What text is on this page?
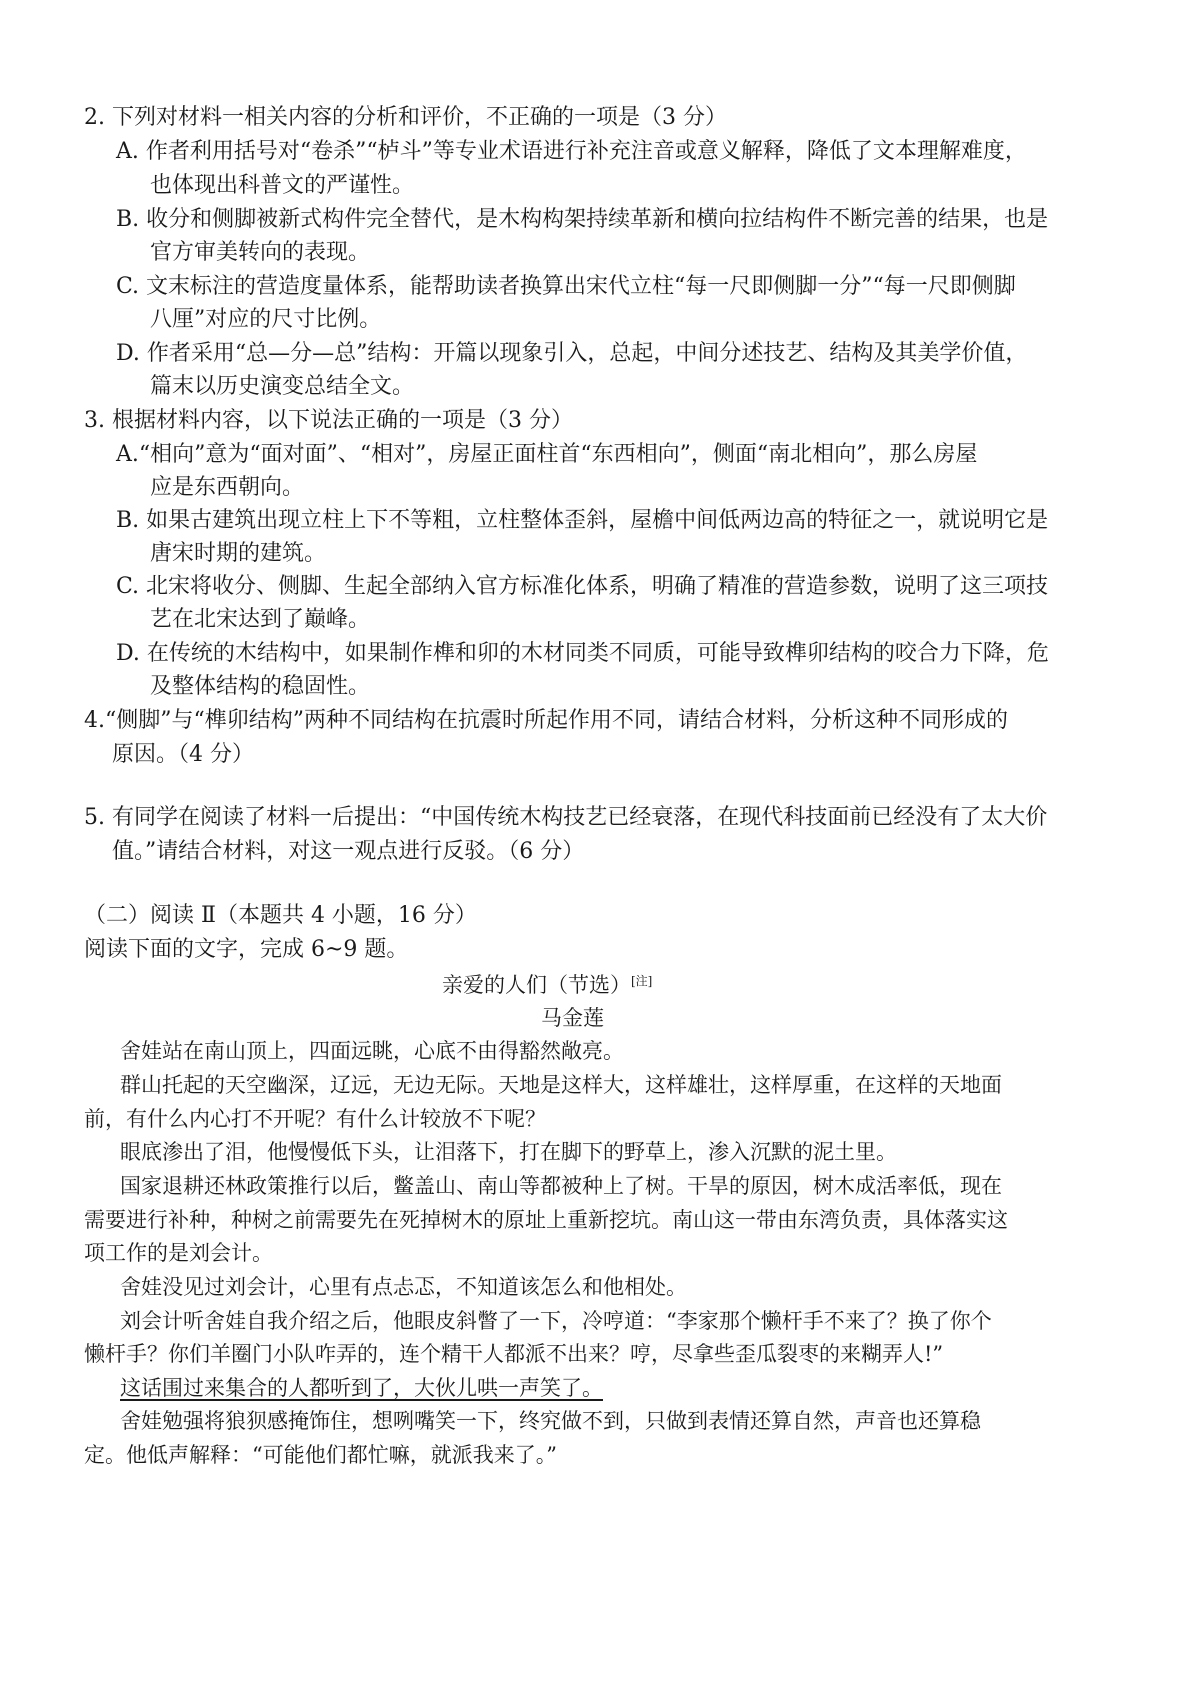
2. 下列对材料一相关内容的分析和评价，不正确的一项是（3 分）
A. 作者利用括号对“卷杀”“栌斗”等专业术语进行补充注音或意义解释，降低了文本理解难度，
也体现出科普文的严谨性。
B. 收分和侧脚被新式构件完全替代，是木构构架持续革新和横向拉结构件不断完善的结果，也是
官方审美转向的表现。
C. 文末标注的营造度量体系，能帮助读者换算出宋代立柱“每一尺即侧脚一分”“每一尺即侧脚
八厘”对应的尺寸比例。
D. 作者采用“总—分—总”结构：开篇以现象引入，总起，中间分述技艺、结构及其美学价值，
篇末以历史演变总结全文。
3. 根据材料内容，以下说法正确的一项是（3 分）
A.“相向”意为“面对面”、“相对”，房屋正面柱首“东西相向”，侧面“南北相向”，那么房屋
应是东西朝向。
B. 如果古建筑出现立柱上下不等粗，立柱整体歪斜，屋檐中间低两边高的特征之一，就说明它是
唐宋时期的建筑。
C. 北宋将收分、侧脚、生起全部纳入官方标准化体系，明确了精准的营造参数，说明了这三项技
艺在北宋达到了巅峰。
D. 在传统的木结构中，如果制作榫和卯的木材同类不同质，可能导致榫卯结构的咬合力下降，危
及整体结构的稳固性。
4.“侧脚”与“榫卯结构”两种不同结构在抗震时所起作用不同，请结合材料，分析这种不同形成的
原因。（4 分）
5. 有同学在阅读了材料一后提出：“中国传统木构技艺已经衰落，在现代科技面前已经没有了太大价
值。”请结合材料，对这一观点进行反驳。（6 分）
（二）阅读 Ⅱ（本题共 4 小题，16 分）
阅读下面的文字，完成 6~9 题。
亲爱的人们（节选）[注]
马金莲
舍娃站在南山顶上，四面远眺，心底不由得豁然敞亮。
群山托起的天空幽深，辽远，无边无际。天地是这样大，这样雄壮，这样厚重，在这样的天地面
前，有什么内心打不开呢？有什么计较放不下呢？
眼底渗出了泪，他慢慢低下头，让泪落下，打在脚下的野草上，渗入沉默的泥土里。
国家退耕还林政策推行以后，鳖盖山、南山等都被种上了树。干旱的原因，树木成活率低，现在
需要进行补种，种树之前需要先在死掉树木的原址上重新挖坑。南山这一带由东湾负责，具体落实这
项工作的是刘会计。
舍娃没见过刘会计，心里有点忐忑，不知道该怎么和他相处。
刘会计听舍娃自我介绍之后，他眼皮斜瞥了一下，冷哼道：“李家那个懒杆手不来了？换了你个
懒杆手？你们羊圈门小队咋弄的，连个精干人都派不出来？哼，尽拿些歪瓜裂枣的来糊弄人!”
这话围过来集合的人都听到了，大伙儿哄一声笑了。
舍娃勉强将狼狈感掩饰住，想咧嘴笑一下，终究做不到，只做到表情还算自然，声音也还算稳
定。他低声解释：“可能他们都忙嘛，就派我来了。”
